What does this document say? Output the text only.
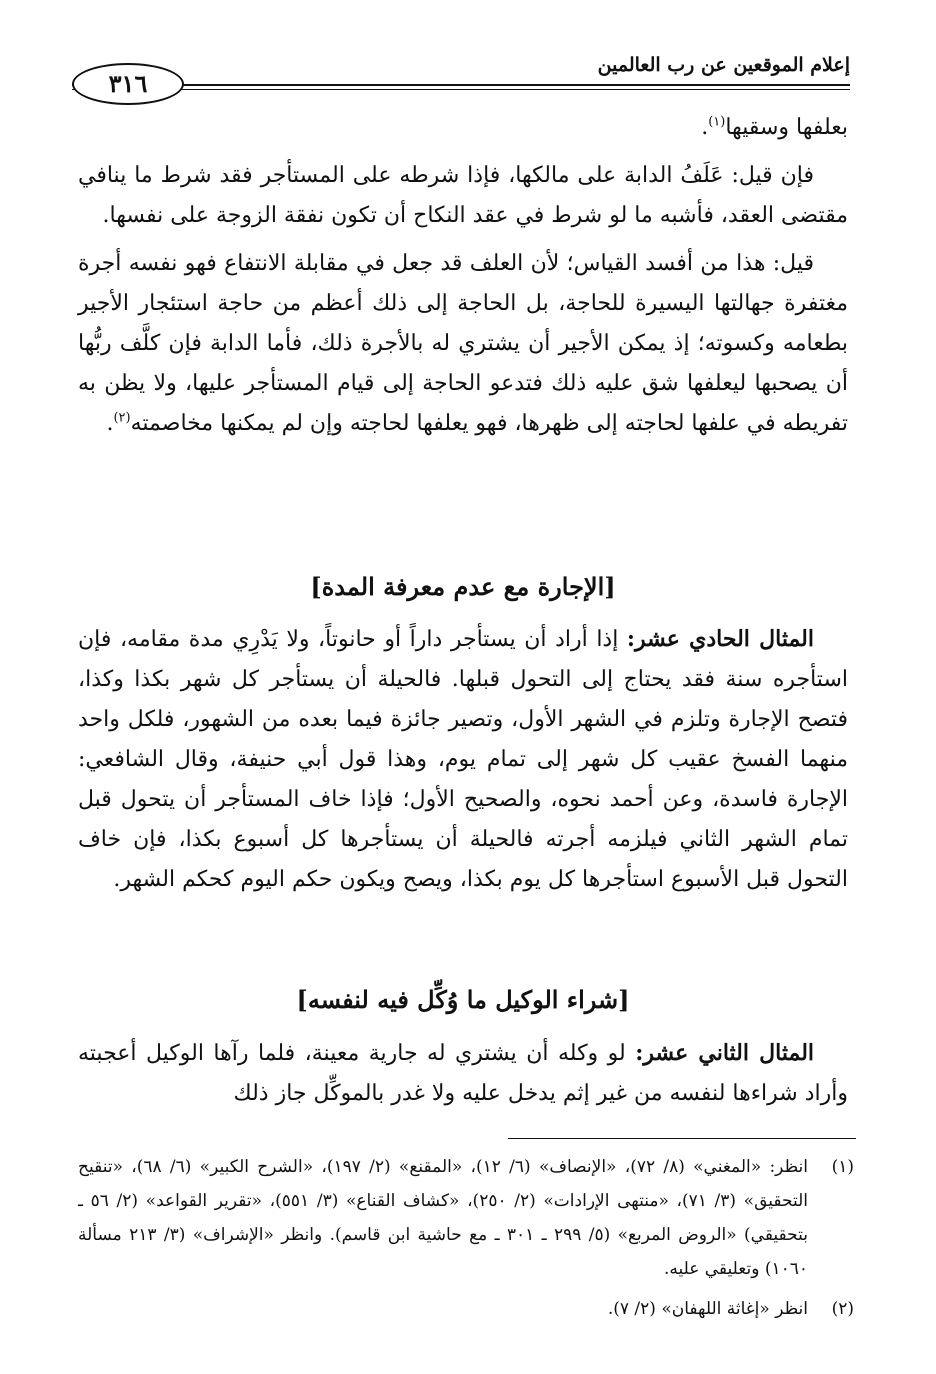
إعلام الموقعين عن رب العالمين
٣١٦

بعلفها وسقيها$^{(١)}$.

فإن قيل: عَلَفُ الدابة على مالكها، فإذا شرطه على المستأجر فقد شرط ما ينافي مقتضى العقد، فأشبه ما لو شرط في عقد النكاح أن تكون نفقة الزوجة على نفسها.

قيل: هذا من أفسد القياس؛ لأن العلف قد جعل في مقابلة الانتفاع فهو نفسه أجرة مغتفرة جهالتها اليسيرة للحاجة، بل الحاجة إلى ذلك أعظم من حاجة استئجار الأجير بطعامه وكسوته؛ إذ يمكن الأجير أن يشتري له بالأجرة ذلك، فأما الدابة فإن كلَّف ربُّها أن يصحبها ليعلفها شق عليه ذلك فتدعو الحاجة إلى قيام المستأجر عليها، ولا يظن به تفريطه في علفها لحاجته إلى ظهرها، فهو يعلفها لحاجته وإن لم يمكنها مخاصمته$^{(٢)}$.

[الإجارة مع عدم معرفة المدة]

المثال الحادي عشر: إذا أراد أن يستأجر داراً أو حانوتاً، ولا يَدْرِي مدة مقامه، فإن استأجره سنة فقد يحتاج إلى التحول قبلها. فالحيلة أن يستأجر كل شهر بكذا وكذا، فتصح الإجارة وتلزم في الشهر الأول، وتصير جائزة فيما بعده من الشهور، فلكل واحد منهما الفسخ عقيب كل شهر إلى تمام يوم، وهذا قول أبي حنيفة، وقال الشافعي: الإجارة فاسدة، وعن أحمد نحوه، والصحيح الأول؛ فإذا خاف المستأجر أن يتحول قبل تمام الشهر الثاني فيلزمه أجرته فالحيلة أن يستأجرها كل أسبوع بكذا، فإن خاف التحول قبل الأسبوع استأجرها كل يوم بكذا، ويصح ويكون حكم اليوم كحكم الشهر.

[شراء الوكيل ما وُكِّل فيه لنفسه]

المثال الثاني عشر: لو وكله أن يشتري له جارية معينة، فلما رآها الوكيل أعجبته وأراد شراءها لنفسه من غير إثم يدخل عليه ولا غدر بالموكِّل جاز ذلك

(١)
انظر: «المغني» (٨/ ٧٢)، «الإنصاف» (٦/ ١٢)، «المقنع» (٢/ ١٩٧)، «الشرح الكبير» (٦/ ٦٨)، «تنقيح التحقيق» (٣/ ٧١)، «منتهى الإرادات» (٢/ ٢٥٠)، «كشاف القناع» (٣/ ٥٥١)، «تقرير القواعد» (٢/ ٥٦ ـ بتحقيقي) «الروض المربع» (٥/ ٢٩٩ ـ ٣٠١ ـ مع حاشية ابن قاسم). وانظر «الإشراف» (٣/ ٢١٣ مسألة ١٠٦٠) وتعليقي عليه.
(٢)
انظر «إغاثة اللهفان» (٢/ ٧).
